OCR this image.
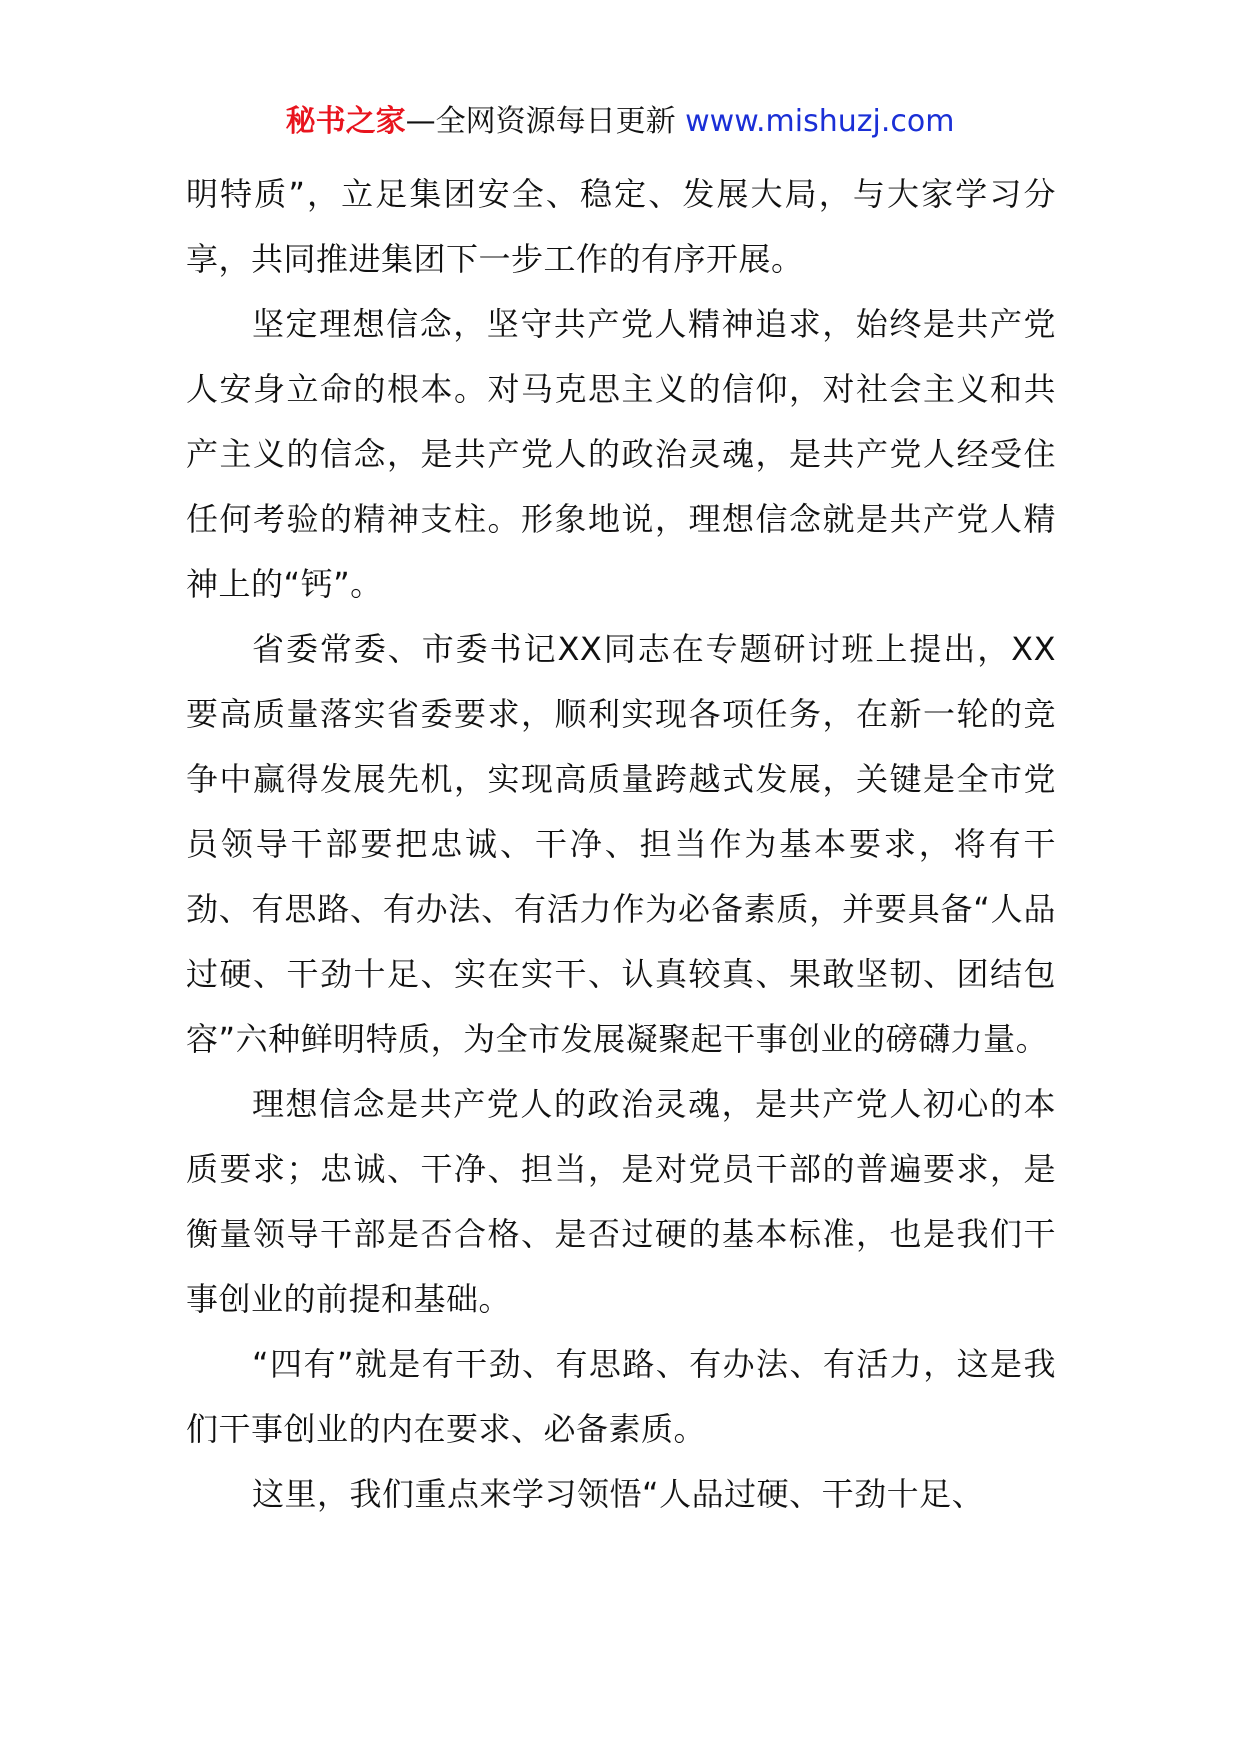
秘书之家—全网资源每日更新 www.mishuzj.com

明特质”，立足集团安全、稳定、发展大局，与大家学习分享，共同推进集团下一步工作的有序开展。

坚定理想信念，坚守共产党人精神追求，始终是共产党人安身立命的根本。对马克思主义的信仰，对社会主义和共产主义的信念，是共产党人的政治灵魂，是共产党人经受住任何考验的精神支柱。形象地说，理想信念就是共产党人精神上的“钙”。

省委常委、市委书记XX同志在专题研讨班上提出，XX要高质量落实省委要求，顺利实现各项任务，在新一轮的竞争中赢得发展先机，实现高质量跨越式发展，关键是全市党员领导干部要把忠诚、干净、担当作为基本要求，将有干劲、有思路、有办法、有活力作为必备素质，并要具备“人品过硬、干劲十足、实在实干、认真较真、果敢坚韧、团结包容”六种鲜明特质，为全市发展凝聚起干事创业的磅礴力量。

理想信念是共产党人的政治灵魂，是共产党人初心的本质要求；忠诚、干净、担当，是对党员干部的普遍要求，是衡量领导干部是否合格、是否过硬的基本标准，也是我们干事创业的前提和基础。

“四有”就是有干劲、有思路、有办法、有活力，这是我们干事创业的内在要求、必备素质。

这里，我们重点来学习领悟“人品过硬、干劲十足、
